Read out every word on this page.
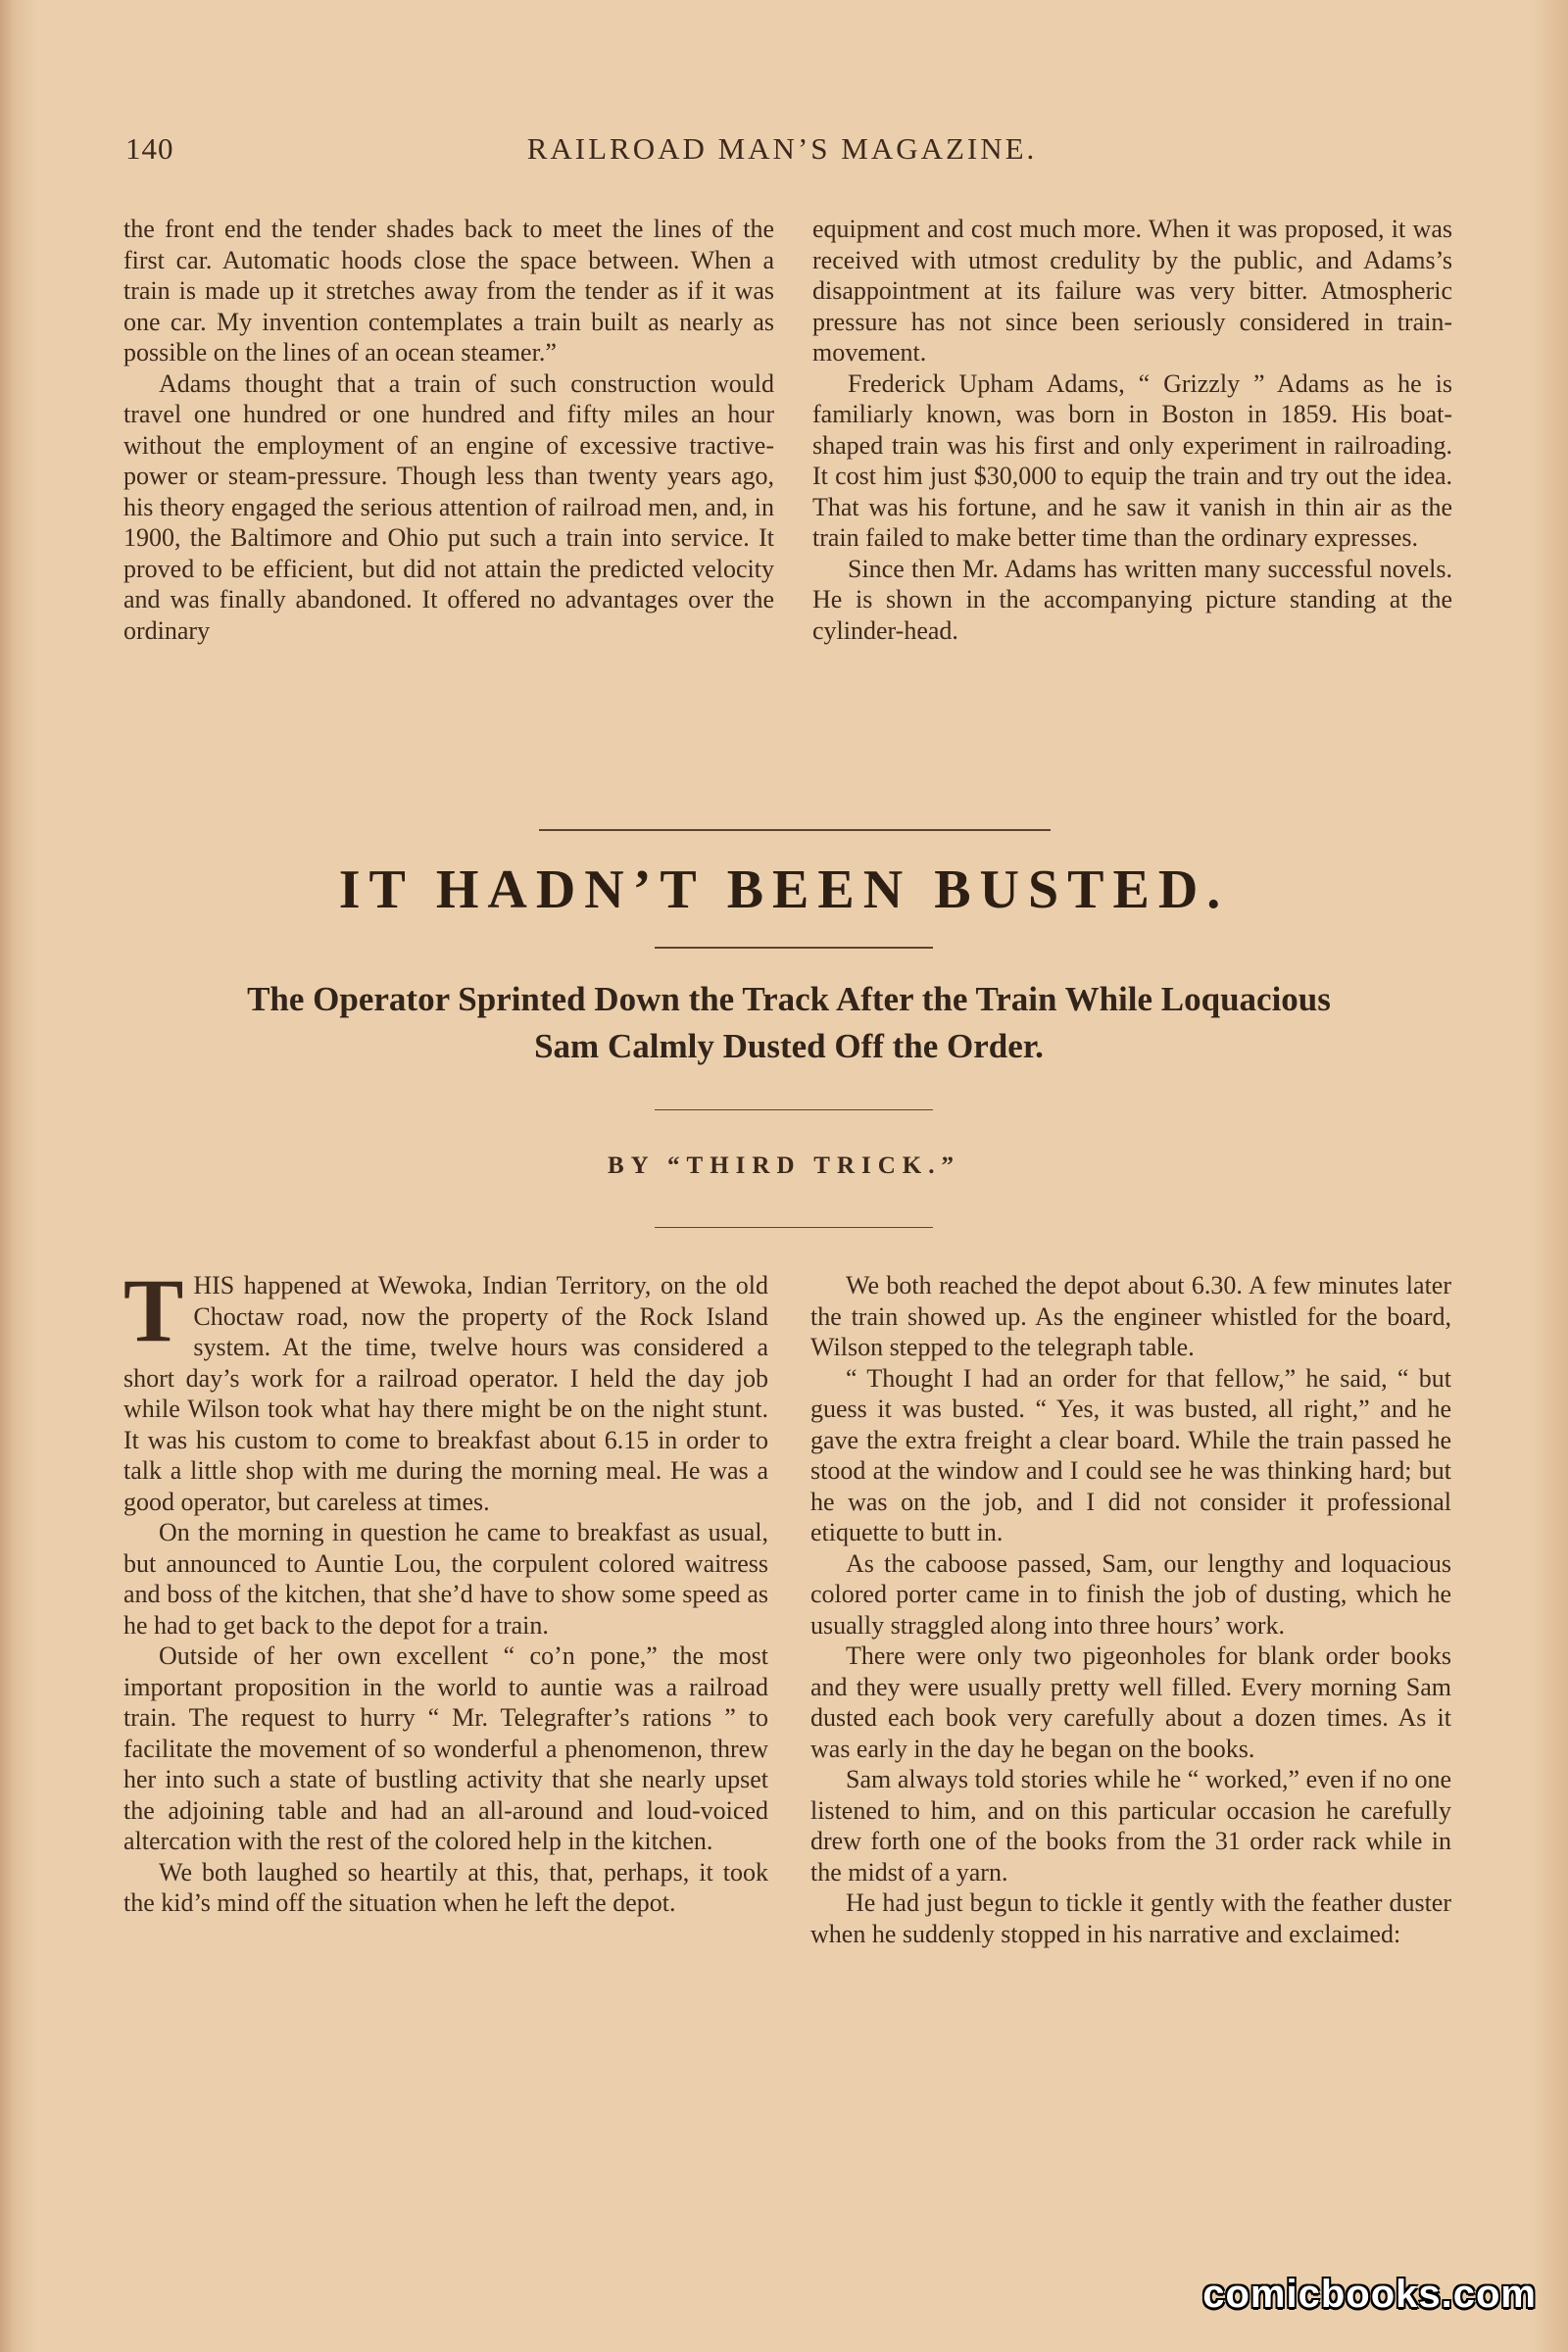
140	RAILROAD MAN’S MAGAZINE.

the front end the tender shades back to meet the lines of the first car. Automatic hoods close the space between. When a train is made up it stretches away from the tender as if it was one car. My invention contemplates a train built as nearly as possible on the lines of an ocean steamer.”

Adams thought that a train of such construction would travel one hundred or one hundred and fifty miles an hour without the employment of an engine of excessive tractive-power or steam-pressure. Though less than twenty years ago, his theory engaged the serious attention of railroad men, and, in 1900, the Baltimore and Ohio put such a train into service. It proved to be efficient, but did not attain the predicted velocity and was finally abandoned. It offered no advantages over the ordinary

equipment and cost much more. When it was proposed, it was received with utmost credulity by the public, and Adams’s disappointment at its failure was very bitter. Atmospheric pressure has not since been seriously considered in train-movement.

Frederick Upham Adams, “ Grizzly ” Adams as he is familiarly known, was born in Boston in 1859. His boat-shaped train was his first and only experiment in railroading. It cost him just $30,000 to equip the train and try out the idea. That was his fortune, and he saw it vanish in thin air as the train failed to make better time than the ordinary expresses.

Since then Mr. Adams has written many successful novels. He is shown in the accompanying picture standing at the cylinder-head.

IT HADN’T BEEN BUSTED.
The Operator Sprinted Down the Track After the Train While Loquacious
Sam Calmly Dusted Off the Order.
BY “THIRD TRICK.”

THIS happened at Wewoka, Indian Territory, on the old Choctaw road, now the property of the Rock Island system. At the time, twelve hours was considered a short day’s work for a railroad operator. I held the day job while Wilson took what hay there might be on the night stunt. It was his custom to come to breakfast about 6.15 in order to talk a little shop with me during the morning meal. He was a good operator, but careless at times.

On the morning in question he came to breakfast as usual, but announced to Auntie Lou, the corpulent colored waitress and boss of the kitchen, that she’d have to show some speed as he had to get back to the depot for a train.

Outside of her own excellent “ co’n pone,” the most important proposition in the world to auntie was a railroad train. The request to hurry “ Mr. Telegrafter’s rations ” to facilitate the movement of so wonderful a phenomenon, threw her into such a state of bustling activity that she nearly upset the adjoining table and had an all-around and loud-voiced altercation with the rest of the colored help in the kitchen.

We both laughed so heartily at this, that, perhaps, it took the kid’s mind off the situation when he left the depot.

We both reached the depot about 6.30. A few minutes later the train showed up. As the engineer whistled for the board, Wilson stepped to the telegraph table.

“ Thought I had an order for that fellow,” he said, “ but guess it was busted. “ Yes, it was busted, all right,” and he gave the extra freight a clear board. While the train passed he stood at the window and I could see he was thinking hard; but he was on the job, and I did not consider it professional etiquette to butt in.

As the caboose passed, Sam, our lengthy and loquacious colored porter came in to finish the job of dusting, which he usually straggled along into three hours’ work.

There were only two pigeonholes for blank order books and they were usually pretty well filled. Every morning Sam dusted each book very carefully about a dozen times. As it was early in the day he began on the books.

Sam always told stories while he “ worked,” even if no one listened to him, and on this particular occasion he carefully drew forth one of the books from the 31 order rack while in the midst of a yarn.

He had just begun to tickle it gently with the feather duster when he suddenly stopped in his narrative and exclaimed:

comicbooks.com
